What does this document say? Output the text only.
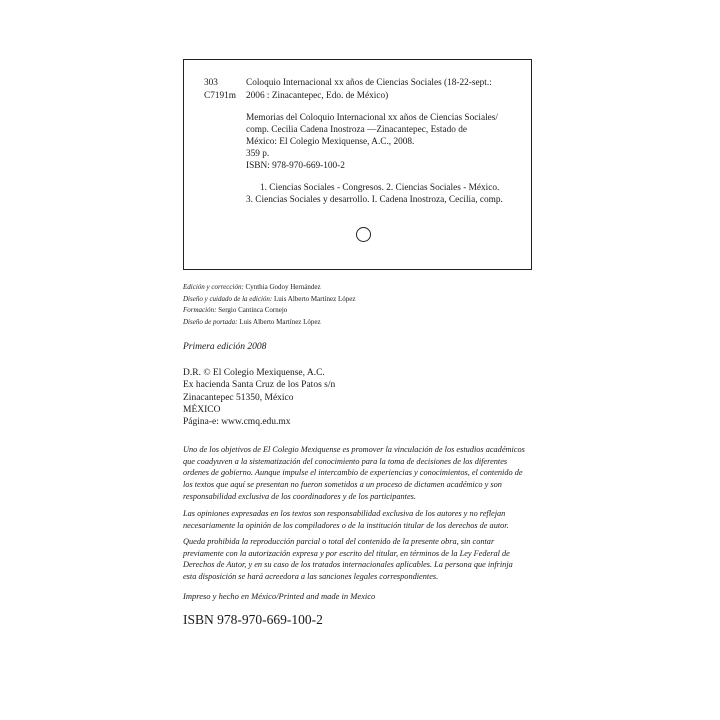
303
C7191m
Coloquio Internacional xx años de Ciencias Sociales (18-22-sept.:
2006 : Zinacantepec, Edo. de México)
Memorias del Coloquio Internacional xx años de Ciencias Sociales/
comp. Cecilia Cadena Inostroza —Zinacantepec, Estado de
México: El Colegio Mexiquense, A.C., 2008.
359 p.
ISBN: 978-970-669-100-2
1. Ciencias Sociales - Congresos. 2. Ciencias Sociales - México.
3. Ciencias Sociales y desarrollo. I. Cadena Inostroza, Cecilia, comp.
Edición y corrección: Cynthia Godoy Hernández
Diseño y cuidado de la edición: Luis Alberto Martínez López
Formación: Sergio Cantinca Cornejo
Diseño de portada: Luis Alberto Martínez López
Primera edición 2008
D.R. © El Colegio Mexiquense, A.C.
Ex hacienda Santa Cruz de los Patos s/n
Zinacantepec 51350, México
MÉXICO
Página-e: www.cmq.edu.mx
Uno de los objetivos de El Colegio Mexiquense es promover la vinculación de los estudios académicos
que coadyuven a la sistematización del conocimiento para la toma de decisiones de los diferentes
ordenes de gobierno. Aunque impulse el intercambio de experiencias y conocimientos, el contenido de
los textos que aquí se presentan no fueron sometidos a un proceso de dictamen académico y son
responsabilidad exclusiva de los coordinadores y de los participantes.
Las opiniones expresadas en los textos son responsabilidad exclusiva de los autores y no reflejan
necesariamente la opinión de los compiladores o de la institución titular de los derechos de autor.
Queda prohibida la reproducción parcial o total del contenido de la presente obra, sin contar
previamente con la autorización expresa y por escrito del titular, en términos de la Ley Federal de
Derechos de Autor, y en su caso de los tratados internacionales aplicables. La persona que infrinja
esta disposición se hará acreedora a las sanciones legales correspondientes.
Impreso y hecho en México/Printed and made in Mexico
ISBN 978-970-669-100-2
